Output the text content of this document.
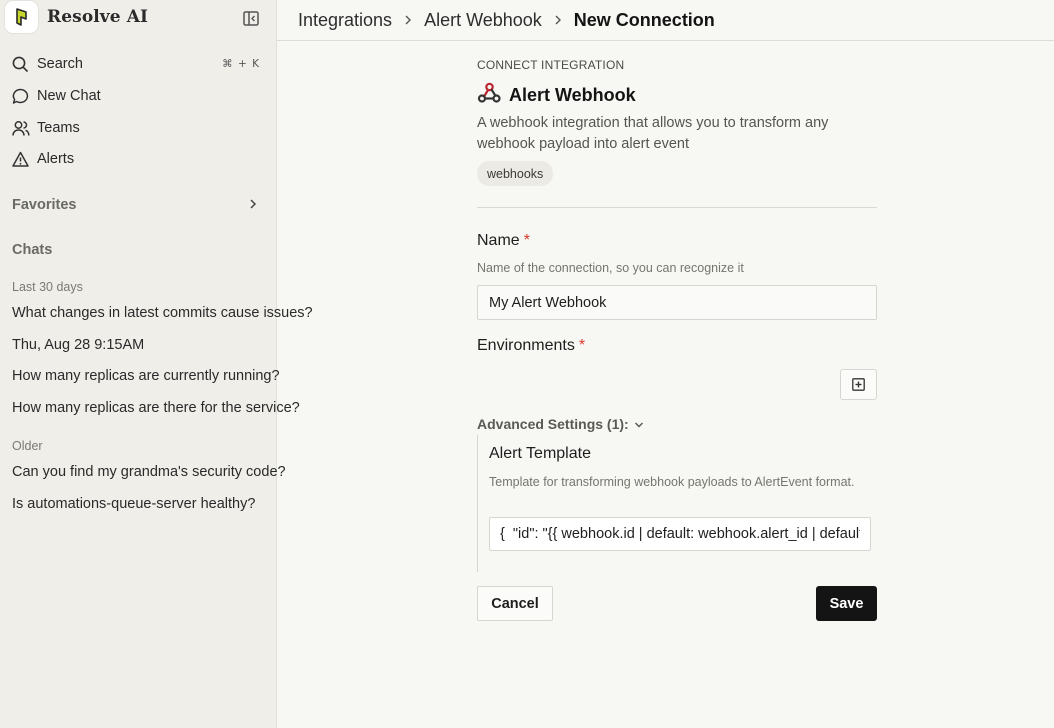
Resolve AI
Search	⌘ + K
New Chat
Teams
Alerts
Favorites
Chats
Last 30 days
What changes in latest commits cause issues?
Thu, Aug 28 9:15AM
How many replicas are currently running?
How many replicas are there for the service?
Older
Can you find my grandma's security code?
Is automations-queue-server healthy?
Integrations Alert Webhook New Connection
CONNECT INTEGRATION
Alert Webhook

A webhook integration that allows you to transform any webhook payload into alert event

webhooks
Name *
Name of the connection, so you can recognize it
My Alert Webhook
Environments *
Advanced Settings (1):
Alert Template
Template for transforming webhook payloads to AlertEvent format.
{ "id": "{{ webhook.id | default: webhook.alert_id | default: webhook.uuid }}"
Cancel	Save
